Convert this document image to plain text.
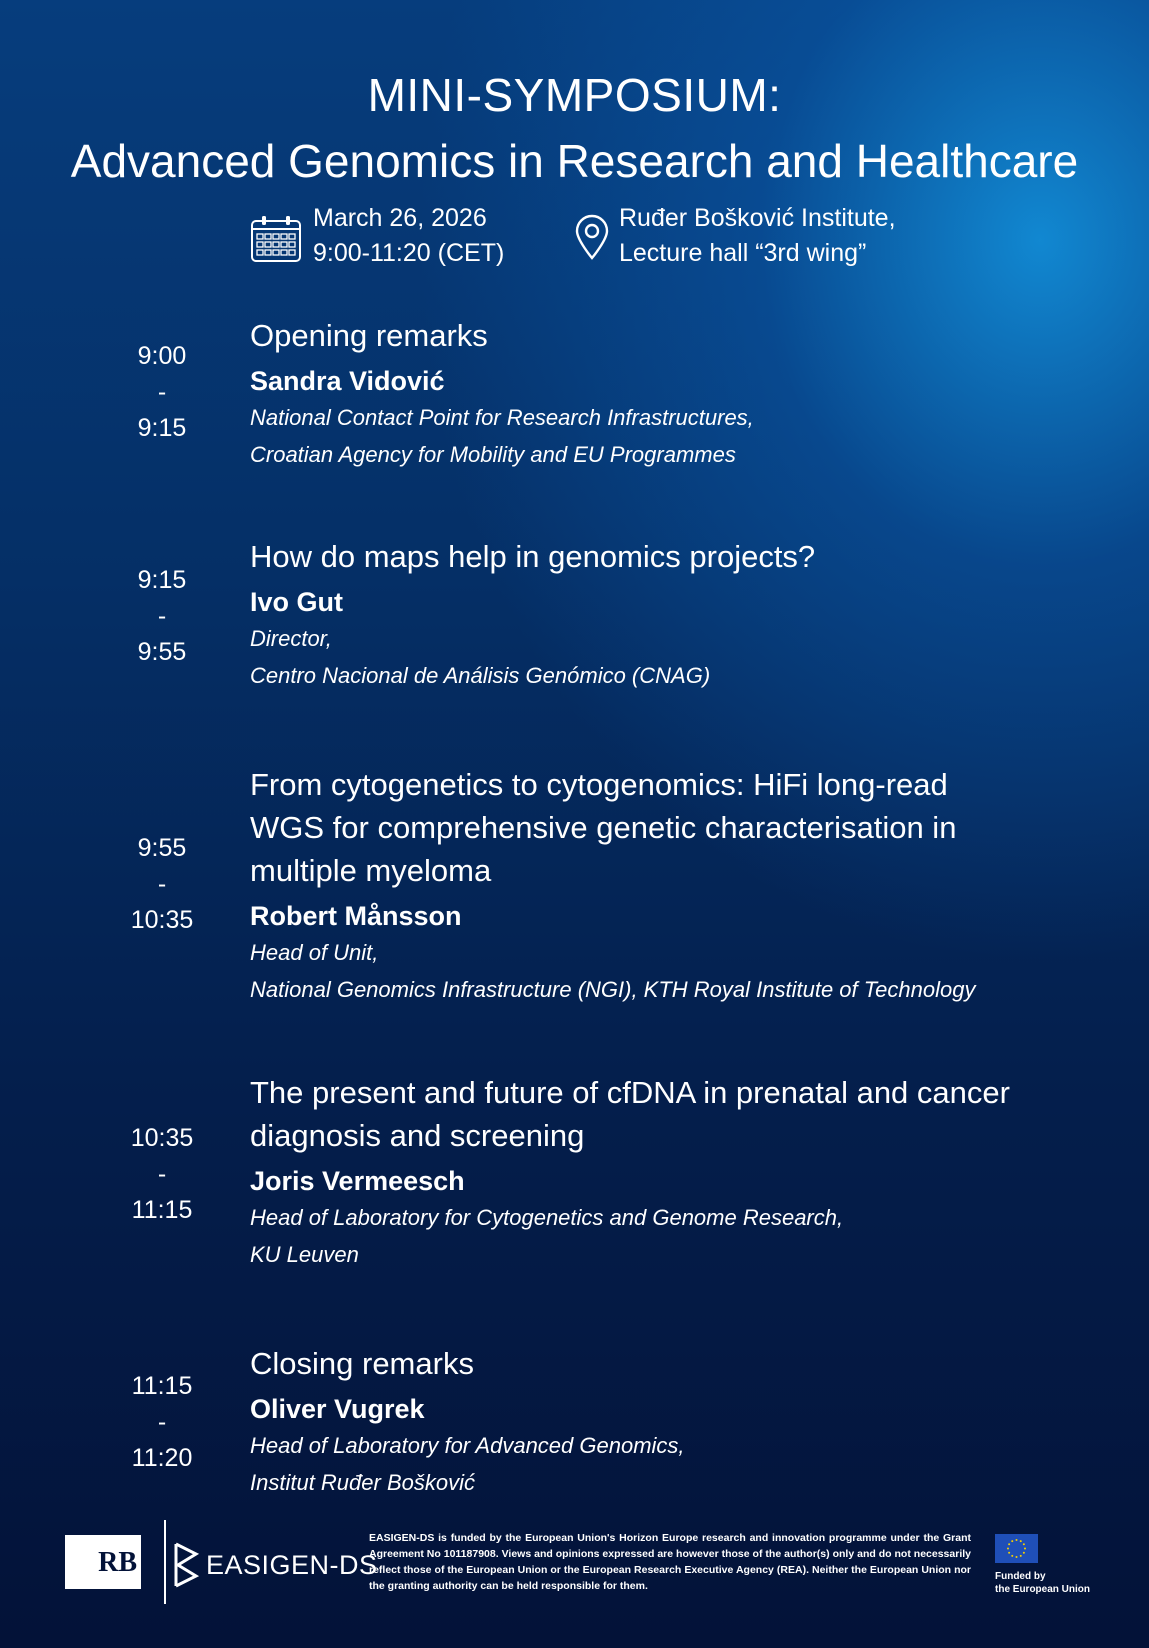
MINI-SYMPOSIUM:
Advanced Genomics in Research and Healthcare
March 26, 2026
9:00-11:20 (CET)
Ruđer Bošković Institute,
Lecture hall “3rd wing”
9:00
-
9:15
Opening remarks
Sandra Vidović
National Contact Point for Research Infrastructures,
Croatian Agency for Mobility and EU Programmes
9:15
-
9:55
How do maps help in genomics projects?
Ivo Gut
Director,
Centro Nacional de Análisis Genómico (CNAG)
9:55
-
10:35
From cytogenetics to cytogenomics: HiFi long-read WGS for comprehensive genetic characterisation in multiple myeloma
Robert Månsson
Head of Unit,
National Genomics Infrastructure (NGI), KTH Royal Institute of Technology
10:35
-
11:15
The present and future of cfDNA in prenatal and cancer diagnosis and screening
Joris Vermeesch
Head of Laboratory for Cytogenetics and Genome Research,
KU Leuven
11:15
-
11:20
Closing remarks
Oliver Vugrek
Head of Laboratory for Advanced Genomics,
Institut Ruđer Bošković
RB	EASIGEN-DS
EASIGEN-DS is funded by the European Union's Horizon Europe research and innovation programme under the Grant Agreement No 101187908. Views and opinions expressed are however those of the author(s) only and do not necessarily reflect those of the European Union or the European Research Executive Agency (REA). Neither the European Union nor the granting authority can be held responsible for them.
Funded by
the European Union
